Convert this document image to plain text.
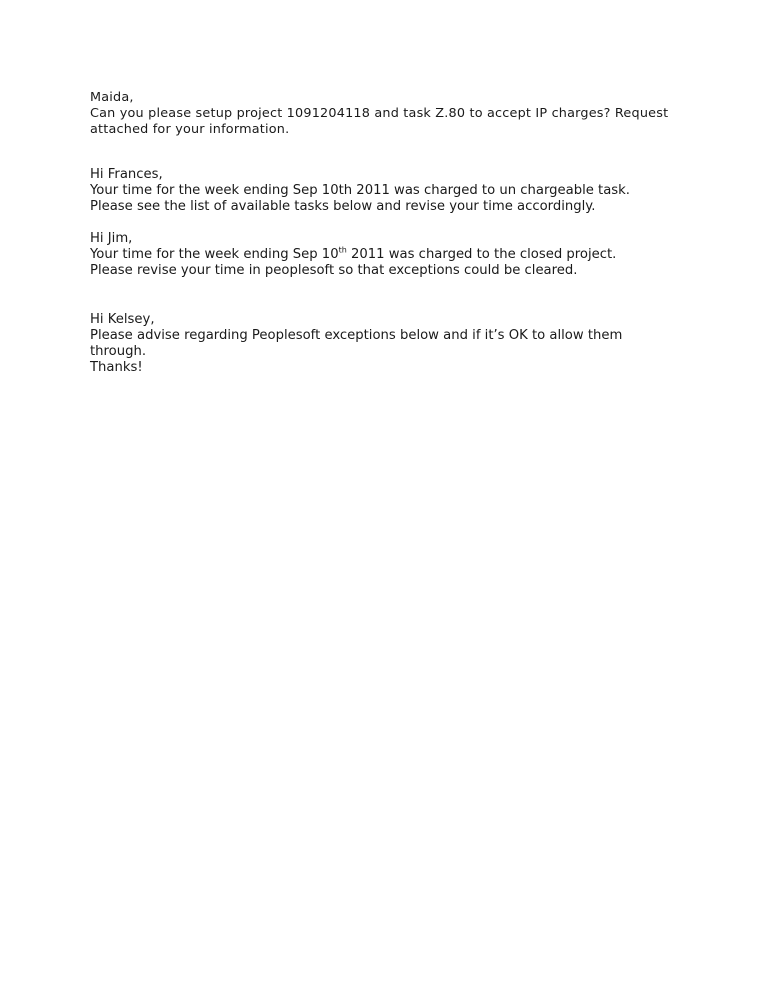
Maida,
Can you please setup project 1091204118 and task Z.80 to accept IP charges? Request attached for your information.
Hi Frances,
Your time for the week ending Sep 10th 2011 was charged to un chargeable task.
Please see the list of available tasks below and revise your time accordingly.
Hi Jim,
Your time for the week ending Sep 10th 2011 was charged to the closed project.
Please revise your time in peoplesoft so that exceptions could be cleared.
Hi Kelsey,
Please advise regarding Peoplesoft exceptions below and if it’s OK to allow them through.
Thanks!
